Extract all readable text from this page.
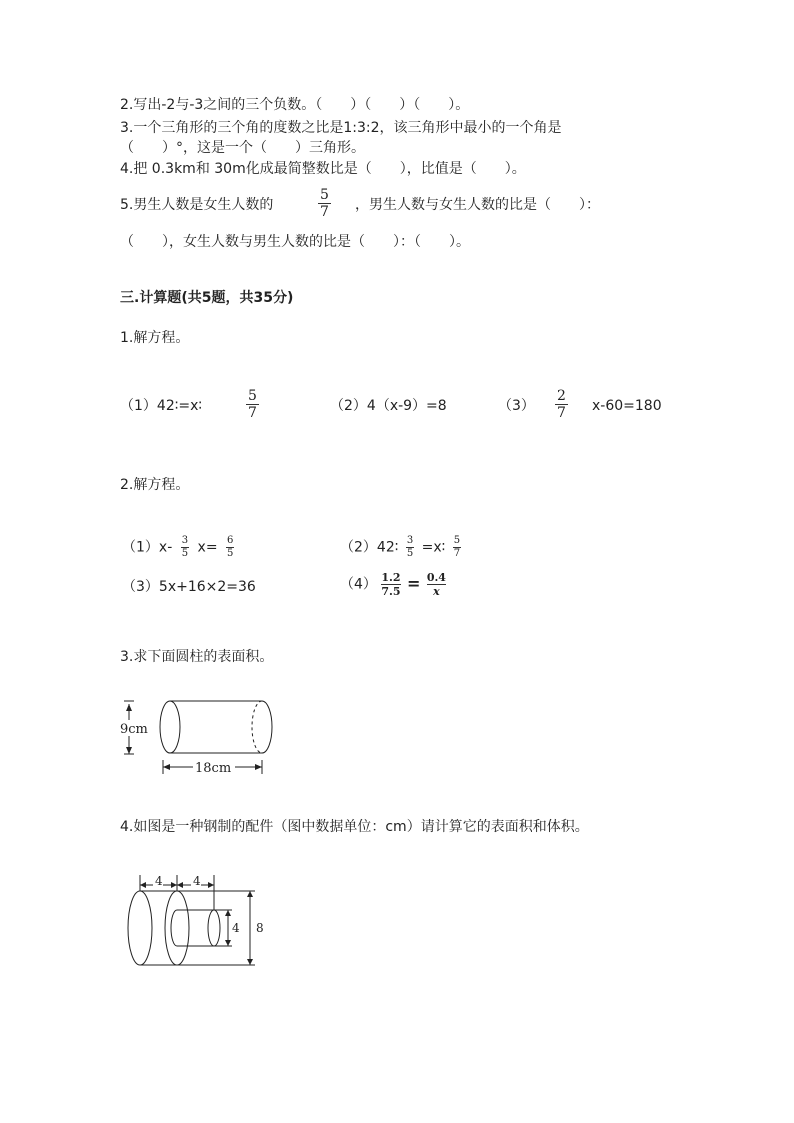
2.写出-2与-3之间的三个负数。（　　）（　　）（　　）。
3.一个三角形的三个角的度数之比是1:3:2，该三角形中最小的一个角是
（　　）°，这是一个（　　）三角形。
4.把 0.3km和 30m化成最简整数比是（　　），比值是（　　）。
5.男生人数是女生人数的	$\frac{5}{7}$ ，男生人数与女生人数的比是（　　）：
（　　），女生人数与男生人数的比是（　　）：（　　）。
三.计算题(共5题，共35分)
1.解方程。
（1）42∶=x∶	$\frac{5}{7}$	（2）4（x-9）=8	$(3) \frac{2}{7} x-60=180$
2.解方程。
$(1)x- \frac{3}{5} x= \frac{6}{5}$	（2）42∶ $\frac{3}{5}$ =x∶ $\frac{5}{7}$
（3）5x+16×2=36	$(4) \frac{1.2}{7.5} = \frac{0.4}{x}$
3.求下面圆柱的表面积。
9cm
18cm
4.如图是一种钢制的配件（图中数据单位：cm）请计算它的表面积和体积。
4	4
4 8
